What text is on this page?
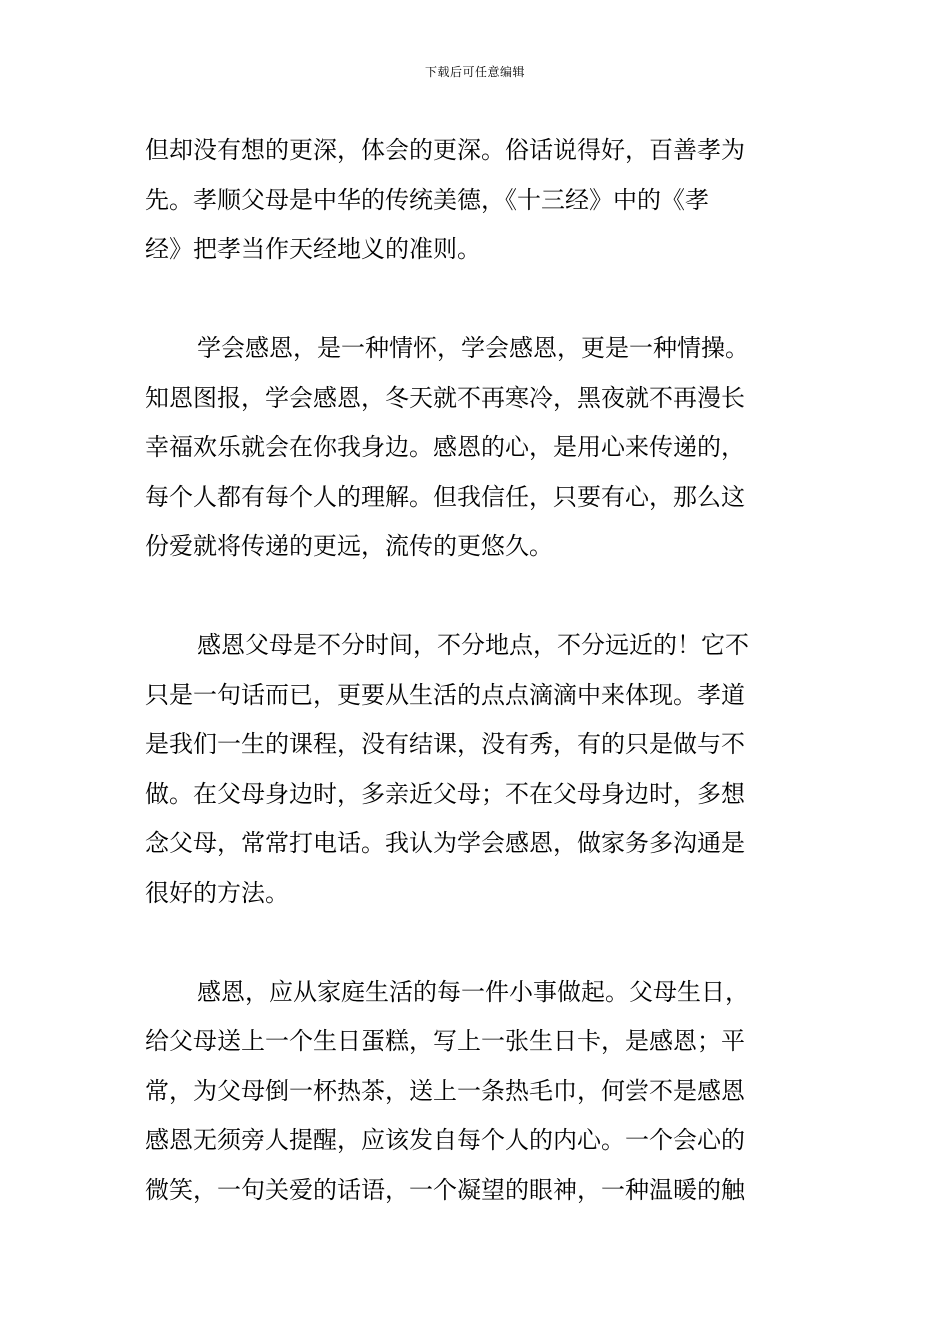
下载后可任意编辑
但却没有想的更深，体会的更深。俗话说得好，百善孝为
先。孝顺父母是中华的传统美德，《十三经》中的《孝
经》把孝当作天经地义的准则。
学会感恩，是一种情怀，学会感恩，更是一种情操。
知恩图报，学会感恩，冬天就不再寒冷，黑夜就不再漫长
幸福欢乐就会在你我身边。感恩的心，是用心来传递的，
每个人都有每个人的理解。但我信任，只要有心，那么这
份爱就将传递的更远，流传的更悠久。
感恩父母是不分时间，不分地点，不分远近的！它不
只是一句话而已，更要从生活的点点滴滴中来体现。孝道
是我们一生的课程，没有结课，没有秀，有的只是做与不
做。在父母身边时，多亲近父母；不在父母身边时，多想
念父母，常常打电话。我认为学会感恩，做家务多沟通是
很好的方法。
感恩，应从家庭生活的每一件小事做起。父母生日，
给父母送上一个生日蛋糕，写上一张生日卡，是感恩；平
常，为父母倒一杯热茶，送上一条热毛巾，何尝不是感恩
感恩无须旁人提醒，应该发自每个人的内心。一个会心的
微笑，一句关爱的话语，一个凝望的眼神，一种温暖的触
